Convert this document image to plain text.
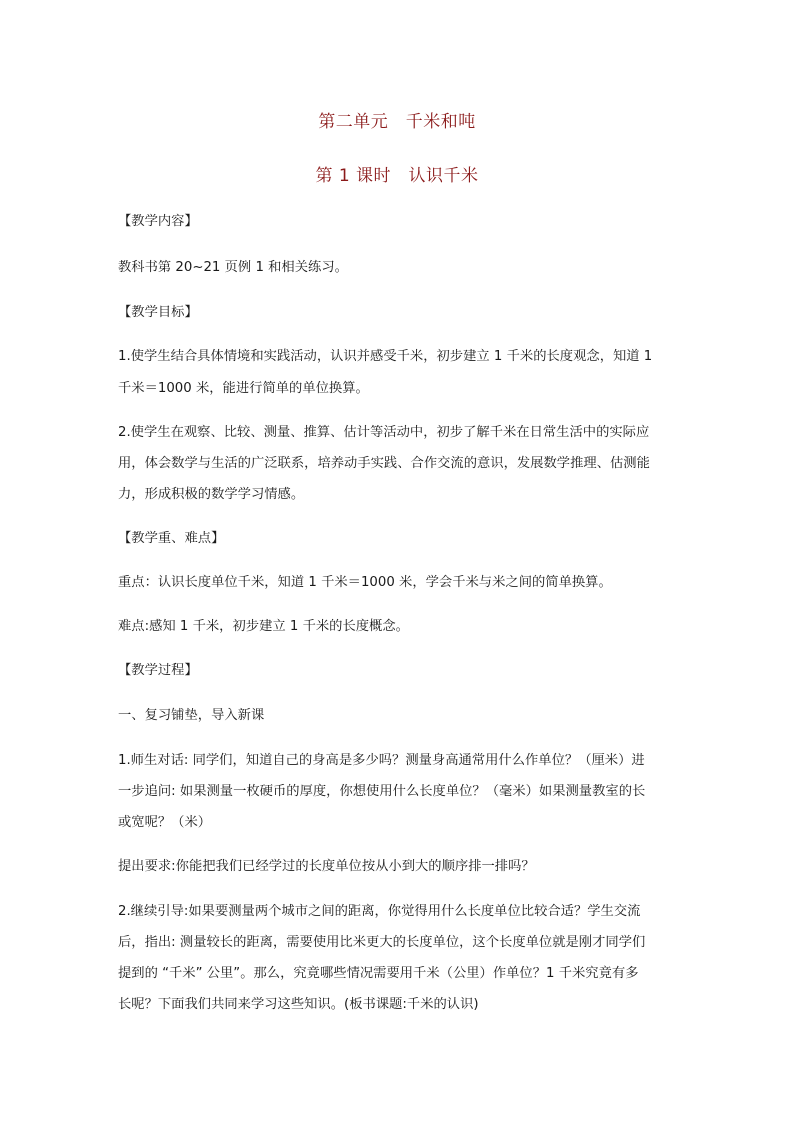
第二单元　千米和吨
第 1 课时　认识千米
【教学内容】
教科书第 20~21 页例 1 和相关练习。
【教学目标】
1.使学生结合具体情境和实践活动，认识并感受千米，初步建立 1 千米的长度观念，知道 1
千米＝1000 米，能进行简单的单位换算。
2.使学生在观察、比较、测量、推算、估计等活动中，初步了解千米在日常生活中的实际应
用，体会数学与生活的广泛联系，培养动手实践、合作交流的意识，发展数学推理、估测能
力，形成积极的数学学习情感。
【教学重、难点】
重点：认识长度单位千米，知道 1 千米＝1000 米，学会千米与米之间的简单换算。
难点:感知 1 千米，初步建立 1 千米的长度概念。
【教学过程】
一、复习铺垫，导入新课
1.师生对话: 同学们，知道自己的身高是多少吗？测量身高通常用什么作单位？（厘米）进
一步追问: 如果测量一枚硬币的厚度，你想使用什么长度单位？（毫米）如果测量教室的长
或宽呢？（米）
提出要求:你能把我们已经学过的长度单位按从小到大的顺序排一排吗？
2.继续引导:如果要测量两个城市之间的距离，你觉得用什么长度单位比较合适？学生交流
后，指出: 测量较长的距离，需要使用比米更大的长度单位，这个长度单位就是刚才同学们
提到的 “千米” 公里”。那么，究竟哪些情况需要用千米（公里）作单位？1 千米究竟有多
长呢？下面我们共同来学习这些知识。(板书课题:千米的认识)
